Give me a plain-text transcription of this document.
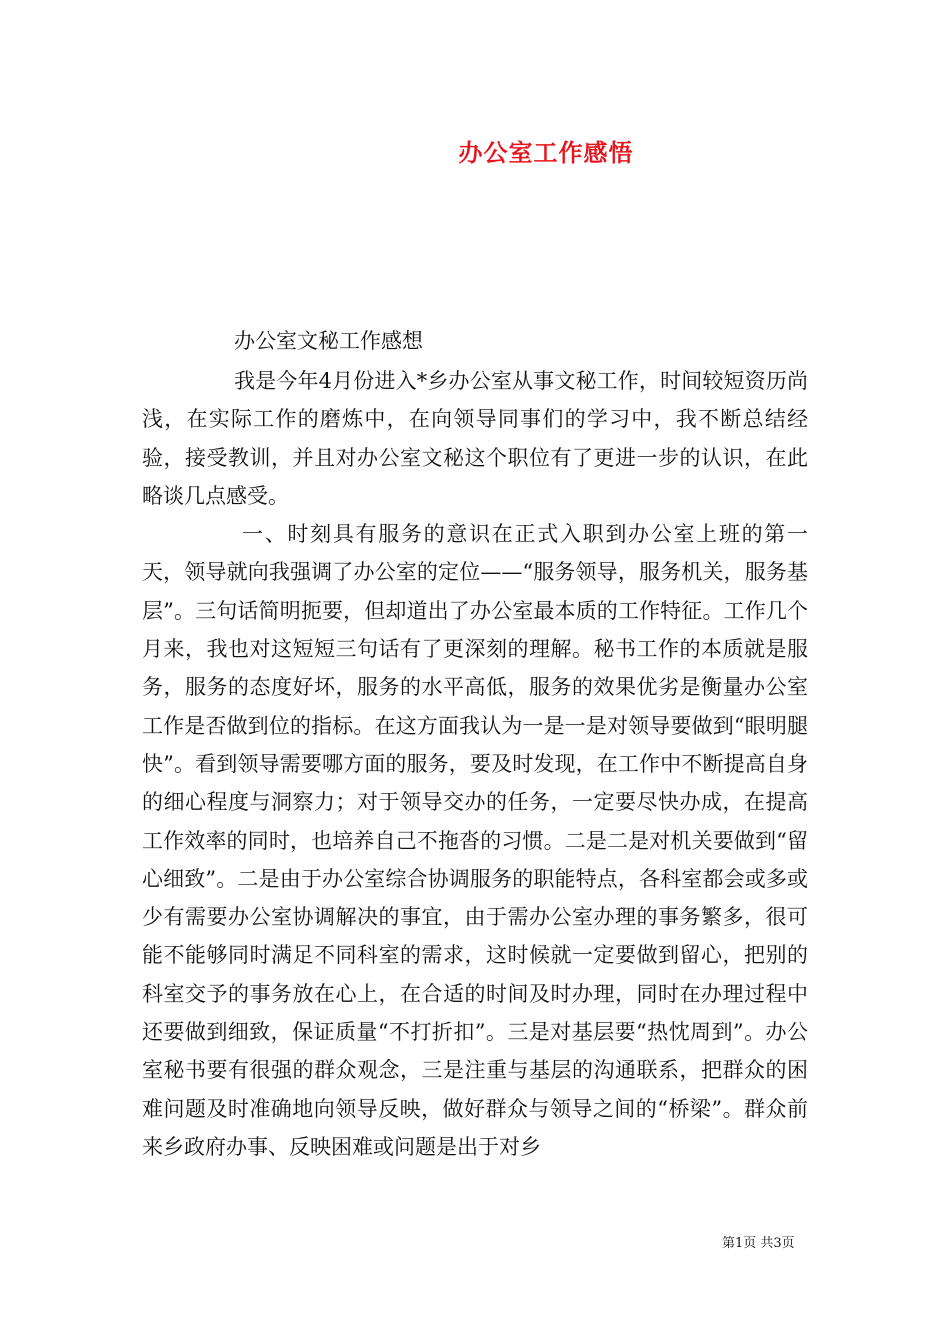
办公室工作感悟
办公室文秘工作感想

我是今年4月份进入*乡办公室从事文秘工作，时间较短资历尚浅，在实际工作的磨炼中，在向领导同事们的学习中，我不断总结经验，接受教训，并且对办公室文秘这个职位有了更进一步的认识，在此略谈几点感受。

一、时刻具有服务的意识在正式入职到办公室上班的第一天，领导就向我强调了办公室的定位——“服务领导，服务机关，服务基层”。三句话简明扼要，但却道出了办公室最本质的工作特征。工作几个月来，我也对这短短三句话有了更深刻的理解。秘书工作的本质就是服务，服务的态度好坏，服务的水平高低，服务的效果优劣是衡量办公室工作是否做到位的指标。在这方面我认为一是一是对领导要做到“眼明腿快”。看到领导需要哪方面的服务，要及时发现，在工作中不断提高自身的细心程度与洞察力；对于领导交办的任务，一定要尽快办成，在提高工作效率的同时，也培养自己不拖沓的习惯。二是二是对机关要做到“留心细致”。二是由于办公室综合协调服务的职能特点，各科室都会或多或少有需要办公室协调解决的事宜，由于需办公室办理的事务繁多，很可能不能够同时满足不同科室的需求，这时候就一定要做到留心，把别的科室交予的事务放在心上，在合适的时间及时办理，同时在办理过程中还要做到细致，保证质量“不打折扣”。三是对基层要“热忱周到”。办公室秘书要有很强的群众观念，三是注重与基层的沟通联系，把群众的困难问题及时准确地向领导反映，做好群众与领导之间的“桥梁”。群众前来乡政府办事、反映困难或问题是出于对乡

第1页 共3页
